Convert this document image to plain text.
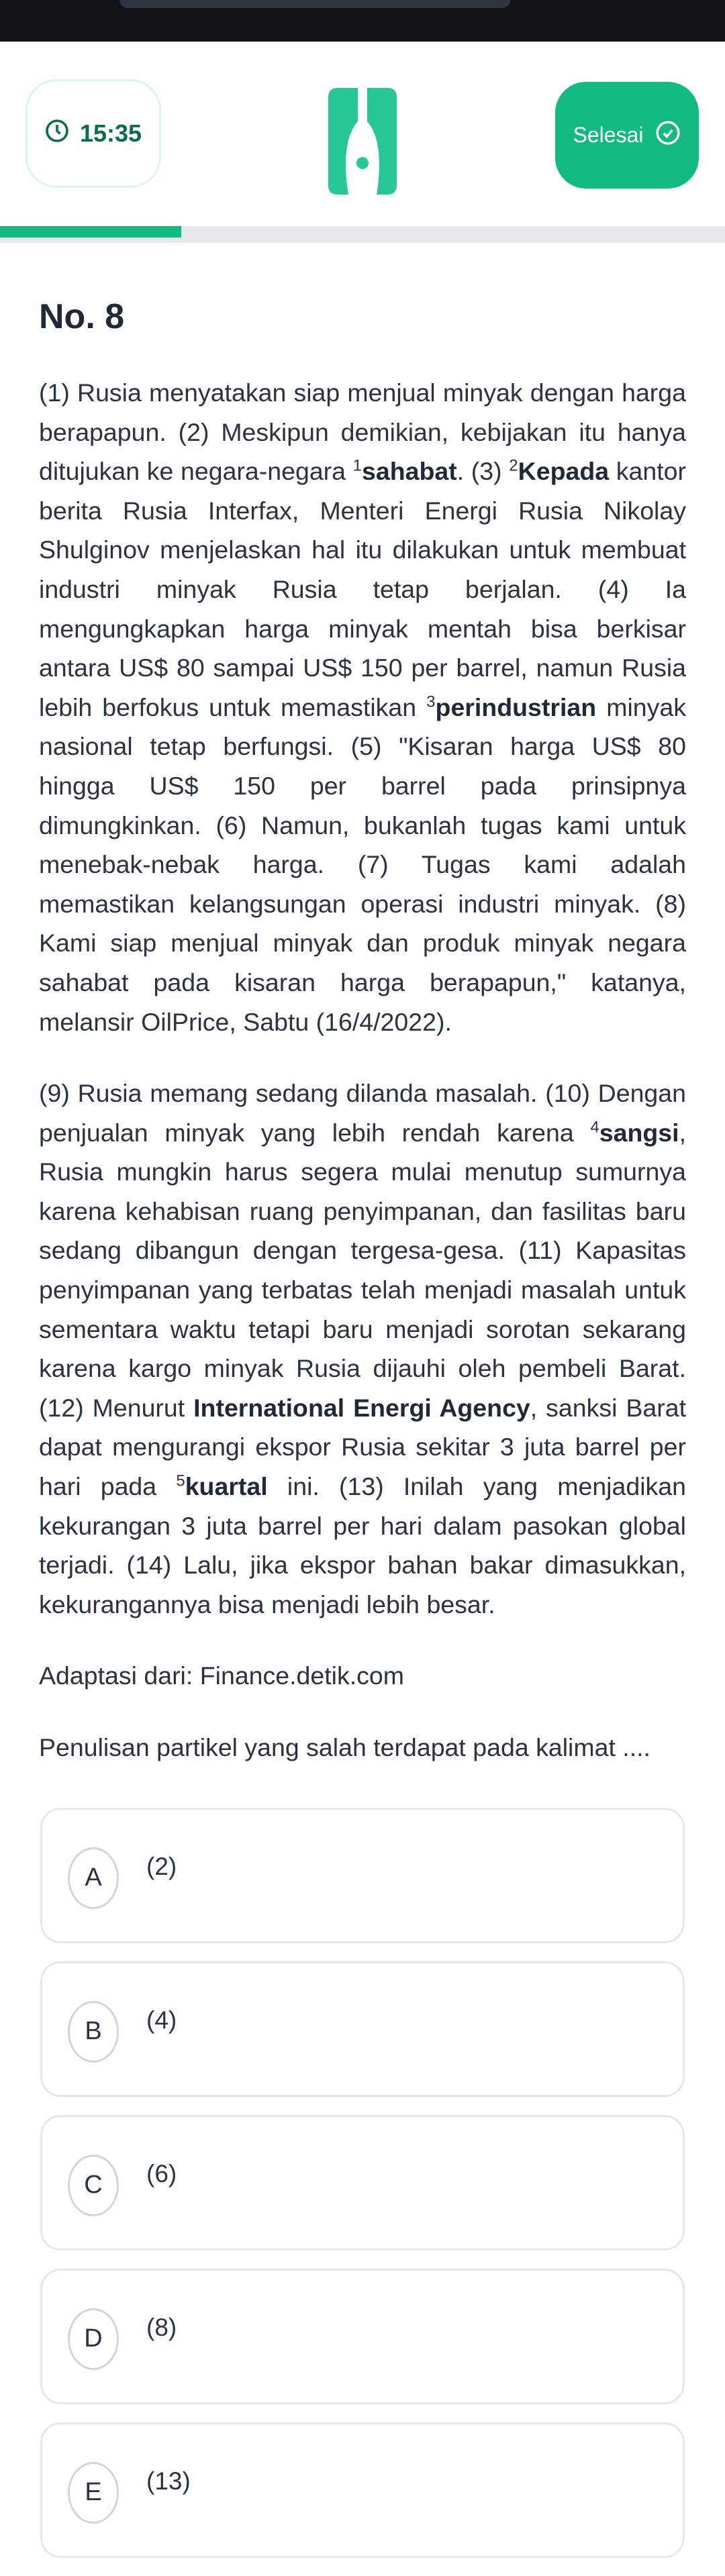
15:35	Selesai
No. 8
(1) Rusia menyatakan siap menjual minyak dengan harga berapapun. (2) Meskipun demikian, kebijakan itu hanya ditujukan ke negara-negara $^1$sahabat. (3) $^2$Kepada kantor berita Rusia Interfax, Menteri Energi Rusia Nikolay Shulginov menjelaskan hal itu dilakukan untuk membuat industri minyak Rusia tetap berjalan. (4) Ia mengungkapkan harga minyak mentah bisa berkisar antara US$ 80 sampai US$ 150 per barrel, namun Rusia lebih berfokus untuk memastikan $^3$perindustrian minyak nasional tetap berfungsi. (5) "Kisaran harga US$ 80 hingga US$ 150 per barrel pada prinsipnya dimungkinkan. (6) Namun, bukanlah tugas kami untuk menebak-nebak harga. (7) Tugas kami adalah memastikan kelangsungan operasi industri minyak. (8) Kami siap menjual minyak dan produk minyak negara sahabat pada kisaran harga berapapun," katanya, melansir OilPrice, Sabtu (16/4/2022).
(9) Rusia memang sedang dilanda masalah. (10) Dengan penjualan minyak yang lebih rendah karena $^4$sangsi, Rusia mungkin harus segera mulai menutup sumurnya karena kehabisan ruang penyimpanan, dan fasilitas baru sedang dibangun dengan tergesa-gesa. (11) Kapasitas penyimpanan yang terbatas telah menjadi masalah untuk sementara waktu tetapi baru menjadi sorotan sekarang karena kargo minyak Rusia dijauhi oleh pembeli Barat. (12) Menurut International Energi Agency, sanksi Barat dapat mengurangi ekspor Rusia sekitar 3 juta barrel per hari pada $^5$kuartal ini. (13) Inilah yang menjadikan kekurangan 3 juta barrel per hari dalam pasokan global terjadi. (14) Lalu, jika ekspor bahan bakar dimasukkan, kekurangannya bisa menjadi lebih besar.
Adaptasi dari: Finance.detik.com
Penulisan partikel yang salah terdapat pada kalimat ....
A	(2)
B	(4)
C	(6)
D	(8)
E	(13)
